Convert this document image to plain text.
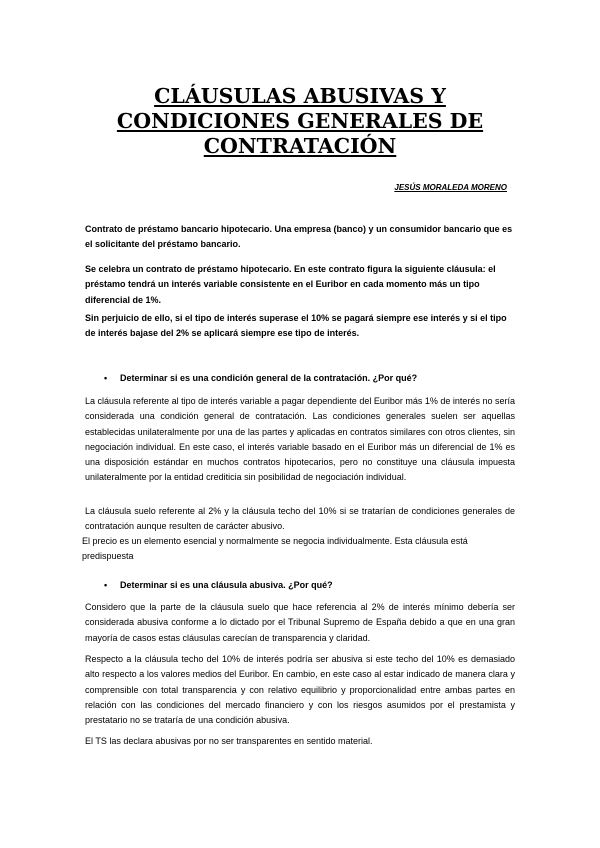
CLÁUSULAS ABUSIVAS Y
CONDICIONES GENERALES DE
CONTRATACIÓN
JESÚS MORALEDA MORENO

Contrato de préstamo bancario hipotecario. Una empresa (banco) y un consumidor bancario que es el solicitante del préstamo bancario.

Se celebra un contrato de préstamo hipotecario. En este contrato figura la siguiente cláusula: el préstamo tendrá un interés variable consistente en el Euribor en cada momento más un tipo diferencial de 1%.

Sin perjuicio de ello, si el tipo de interés superase el 10% se pagará siempre ese interés y si el tipo de interés bajase del 2% se aplicará siempre ese tipo de interés.

• Determinar si es una condición general de la contratación. ¿Por qué?

La cláusula referente al tipo de interés variable a pagar dependiente del Euribor más 1% de interés no sería considerada una condición general de contratación. Las condiciones generales suelen ser aquellas establecidas unilateralmente por una de las partes y aplicadas en contratos similares con otros clientes, sin negociación individual. En este caso, el interés variable basado en el Euribor más un diferencial de 1% es una disposición estándar en muchos contratos hipotecarios, pero no constituye una cláusula impuesta unilateralmente por la entidad crediticia sin posibilidad de negociación individual.

La cláusula suelo referente al 2% y la cláusula techo del 10% si se tratarían de condiciones generales de contratación aunque resulten de carácter abusivo.

El precio es un elemento esencial y normalmente se negocia individualmente. Esta cláusula está predispuesta

• Determinar si es una cláusula abusiva. ¿Por qué?

Considero que la parte de la cláusula suelo que hace referencia al 2% de interés mínimo debería ser considerada abusiva conforme a lo dictado por el Tribunal Supremo de España debido a que en una gran mayoría de casos estas cláusulas carecían de transparencia y claridad.

Respecto a la cláusula techo del 10% de interés podría ser abusiva si este techo del 10% es demasiado alto respecto a los valores medios del Euribor. En cambio, en este caso al estar indicado de manera clara y comprensible con total transparencia y con relativo equilibrio y proporcionalidad entre ambas partes en relación con las condiciones del mercado financiero y con los riesgos asumidos por el prestamista y prestatario no se trataría de una condición abusiva.

El TS las declara abusivas por no ser transparentes en sentido material.
